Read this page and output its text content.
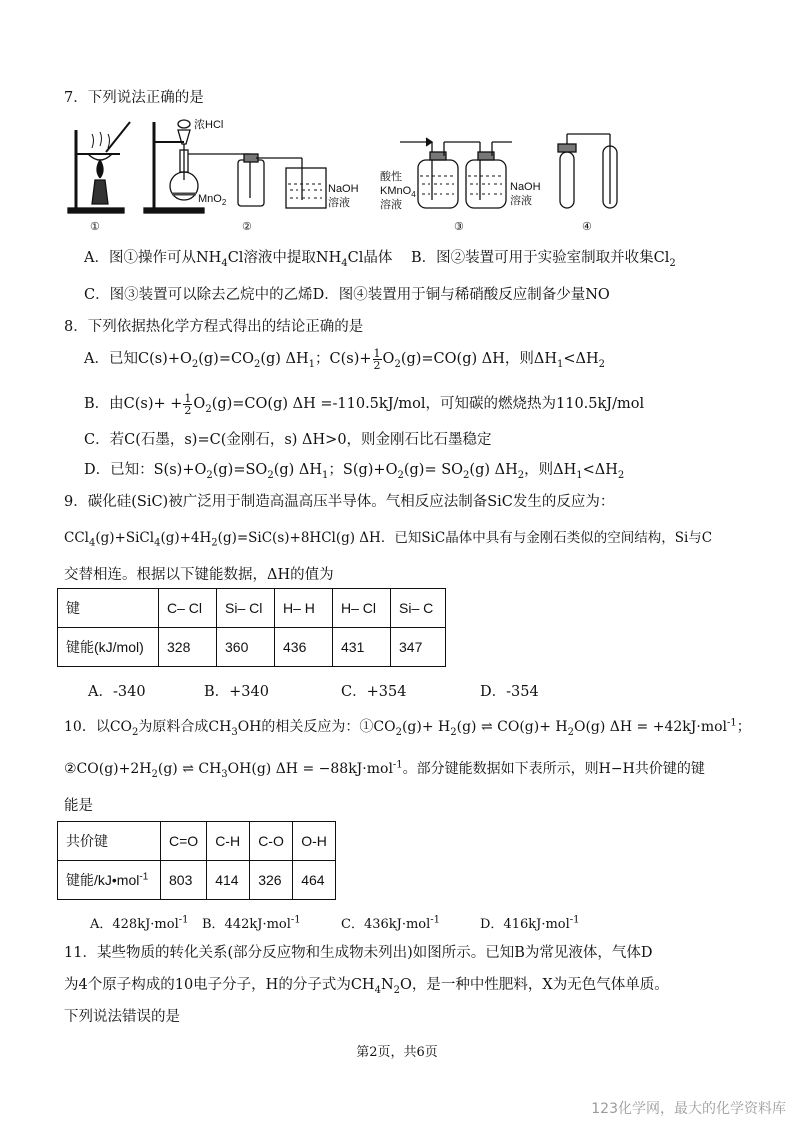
7．下列说法正确的是
浓HCl
MnO$_2$
NaOH
溶液
酸性
KMnO$_4$
溶液
NaOH
溶液
①	②	③	④
A．图①操作可从$NH_4Cl$溶液中提取$NH_4Cl$晶体 B．图②装置可用于实验室制取并收集$Cl_2$
C．图③装置可以除去乙烷中的乙烯D．图④装置用于铜与稀硝酸反应制备少量NO
8．下列依据热化学方程式得出的结论正确的是
A．已知$C(s)+O_2(g)=CO_2(g)$ $\Delta H_1$；$C(s)+ \frac{1}{2} O_2(g)=CO(g)$ ΔH，则$\Delta H_1<\Delta H_2$
B．由$C(s)+ + \frac{1}{2} O_2(g)=CO(g)$ ΔH =-110.5kJ/mol，可知碳的燃烧热为110.5kJ/mol
C．若C(石墨，s)=C(金刚石，s) ΔH>0，则金刚石比石墨稳定
D．已知：$S(s)+O_2(g)=SO_2(g)$ $\Delta H_1$；$S(g)+O_2(g)= SO_2(g)$ $\Delta H_2$，则$\Delta H_1<\Delta H_2$
9．碳化硅(SiC)被广泛用于制造高温高压半导体。气相反应法制备SiC发生的反应为：
$CCl_4(g)+SiCl_4(g)+4H_2(g)=SiC(s)+8HCl(g)$ ΔH．已知SiC晶体中具有与金刚石类似的空间结构，Si与C
交替相连。根据以下键能数据，ΔH的值为
键	C– Cl	Si– Cl	H– H	H– Cl	Si– C
键能(kJ/mol)	328	360	436	431	347
A．-340	B．+340	C．+354	D．-354
10．以$CO_2$为原料合成$CH_3OH$的相关反应为：$①CO_2(g)+ H_2(g)$ ⇌ $CO(g)+ H_2O(g) \Delta H = +42kJ\cdot mol^{-1}$；
$②CO(g)+2H_2(g)$ ⇌ $CH_3OH(g) \Delta H = -88kJ\cdot mol^{-1}$。部分键能数据如下表所示，则H−H共价键的键
能是
共价键	C=O	C-H	C-O	O-H
键能/kJ•mol$^{-1}$	803	414	326	464
A．428kJ·mol$^{-1}$ B．442kJ·mol$^{-1}$	C．436kJ·mol$^{-1}$	D．416kJ·mol$^{-1}$
11．某些物质的转化关系(部分反应物和生成物未列出)如图所示。已知B为常见液体，气体D
为4个原子构成的10电子分子，H的分子式为$CH_4N_2O$，是一种中性肥料，X为无色气体单质。
下列说法错误的是
第2页，共6页
123化学网，最大的化学资料库
